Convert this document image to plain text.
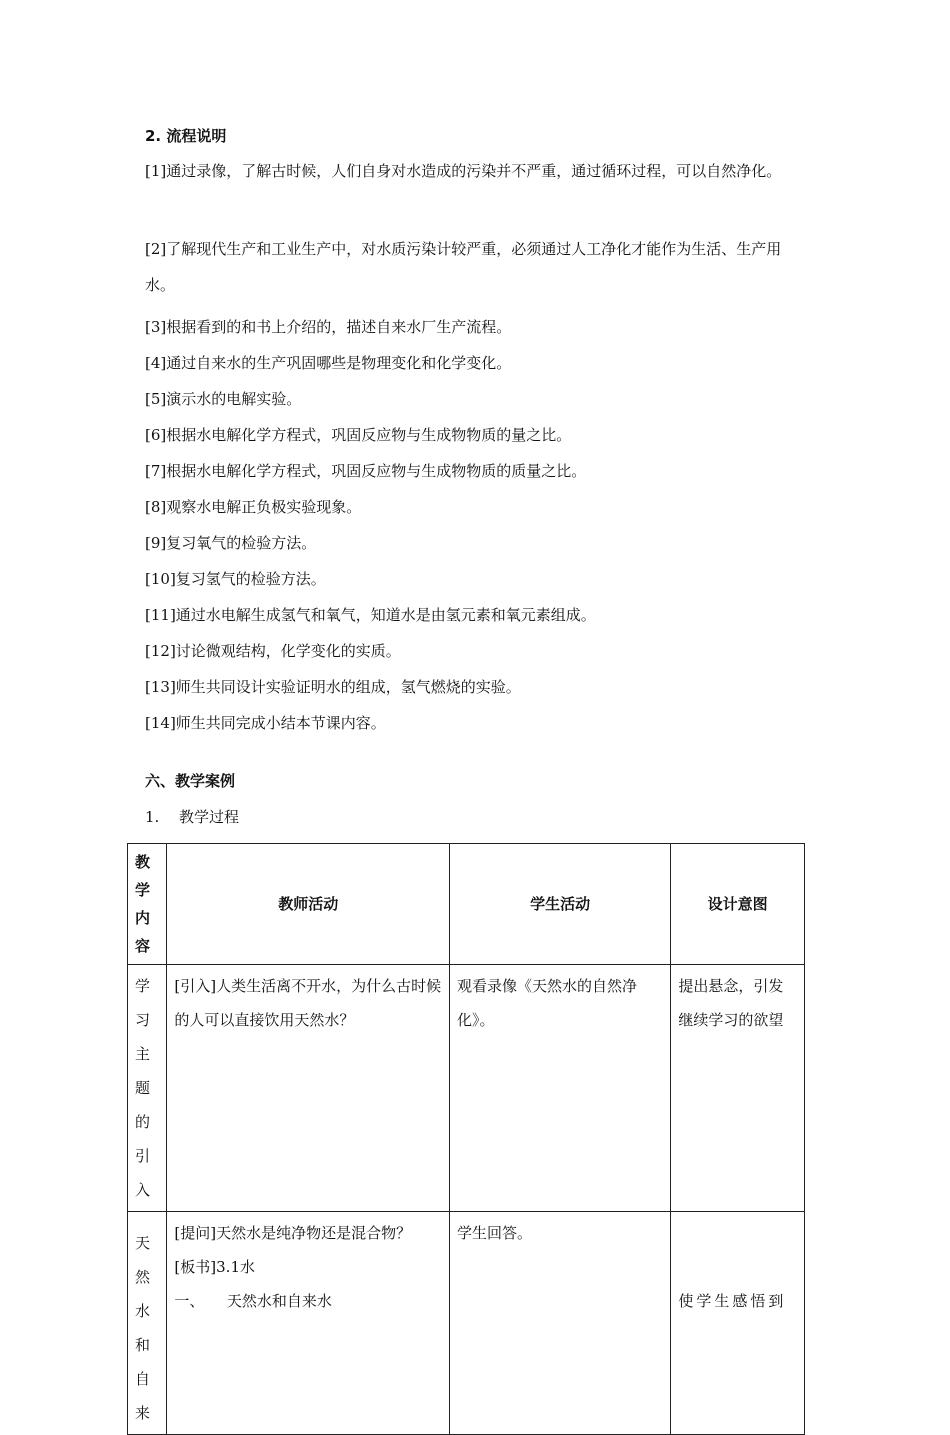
2. 流程说明
[1]通过录像，了解古时候，人们自身对水造成的污染并不严重，通过循环过程，可以自然净化。
[2]了解现代生产和工业生产中，对水质污染计较严重，必须通过人工净化才能作为生活、生产用水。
[3]根据看到的和书上介绍的，描述自来水厂生产流程。
[4]通过自来水的生产巩固哪些是物理变化和化学变化。
[5]演示水的电解实验。
[6]根据水电解化学方程式，巩固反应物与生成物物质的量之比。
[7]根据水电解化学方程式，巩固反应物与生成物物质的质量之比。
[8]观察水电解正负极实验现象。
[9]复习氧气的检验方法。
[10]复习氢气的检验方法。
[11]通过水电解生成氢气和氧气，知道水是由氢元素和氧元素组成。
[12]讨论微观结构，化学变化的实质。
[13]师生共同设计实验证明水的组成，氢气燃烧的实验。
[14]师生共同完成小结本节课内容。
六、教学案例
1. 教学过程
教学内容	教师活动	学生活动	设计意图
学习主题的引入	[引入]人类生活离不开水，为什么古时候的人可以直接饮用天然水？	观看录像《天然水的自然净化》。	提出悬念，引发继续学习的欲望
天然水和自来	[提问]天然水是纯净物还是混合物？
[板书]3.1水
一、　　天然水和自来水	学生回答。	使学生感悟到
